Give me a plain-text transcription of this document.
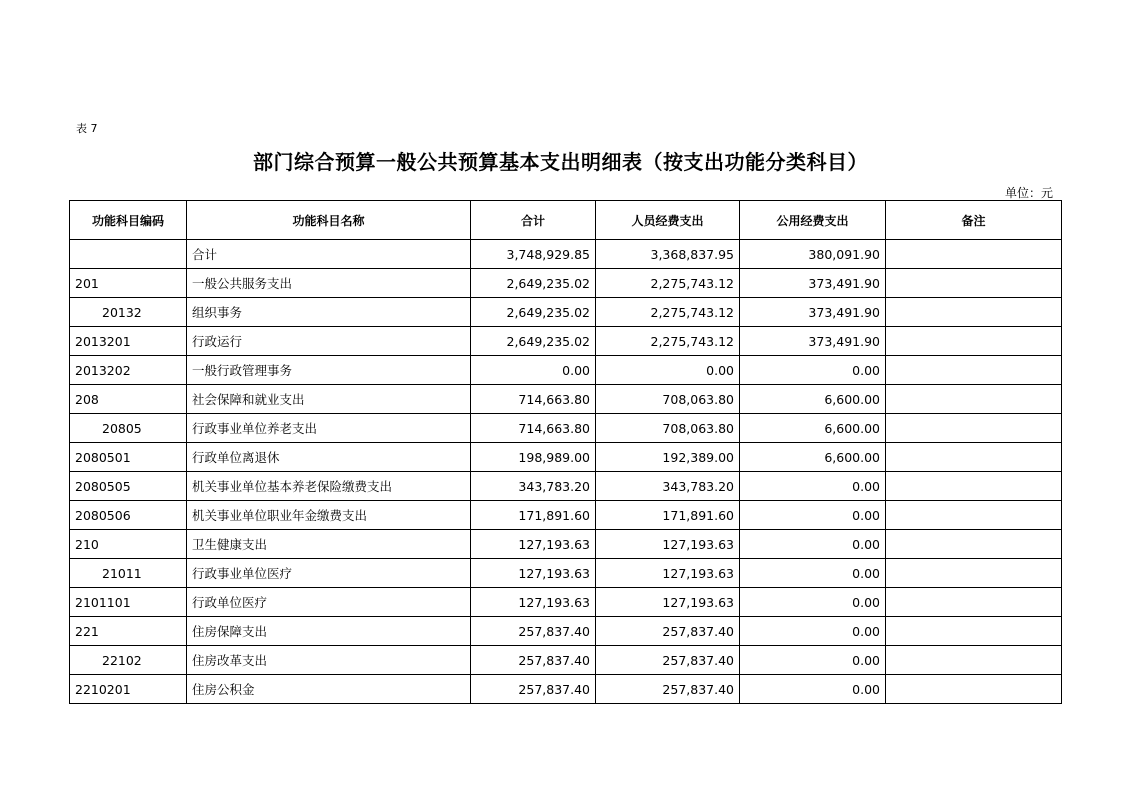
表 7
部门综合预算一般公共预算基本支出明细表（按支出功能分类科目）
单位：元
功能科目编码	功能科目名称	合计	人员经费支出	公用经费支出	备注
	合计	3,748,929.85	3,368,837.95	380,091.90	
201	一般公共服务支出	2,649,235.02	2,275,743.12	373,491.90	
20132	组织事务	2,649,235.02	2,275,743.12	373,491.90	
2013201	行政运行	2,649,235.02	2,275,743.12	373,491.90	
2013202	一般行政管理事务	0.00	0.00	0.00	
208	社会保障和就业支出	714,663.80	708,063.80	6,600.00	
20805	行政事业单位养老支出	714,663.80	708,063.80	6,600.00	
2080501	行政单位离退休	198,989.00	192,389.00	6,600.00	
2080505	机关事业单位基本养老保险缴费支出	343,783.20	343,783.20	0.00	
2080506	机关事业单位职业年金缴费支出	171,891.60	171,891.60	0.00	
210	卫生健康支出	127,193.63	127,193.63	0.00	
21011	行政事业单位医疗	127,193.63	127,193.63	0.00	
2101101	行政单位医疗	127,193.63	127,193.63	0.00	
221	住房保障支出	257,837.40	257,837.40	0.00	
22102	住房改革支出	257,837.40	257,837.40	0.00	
2210201	住房公积金	257,837.40	257,837.40	0.00	
